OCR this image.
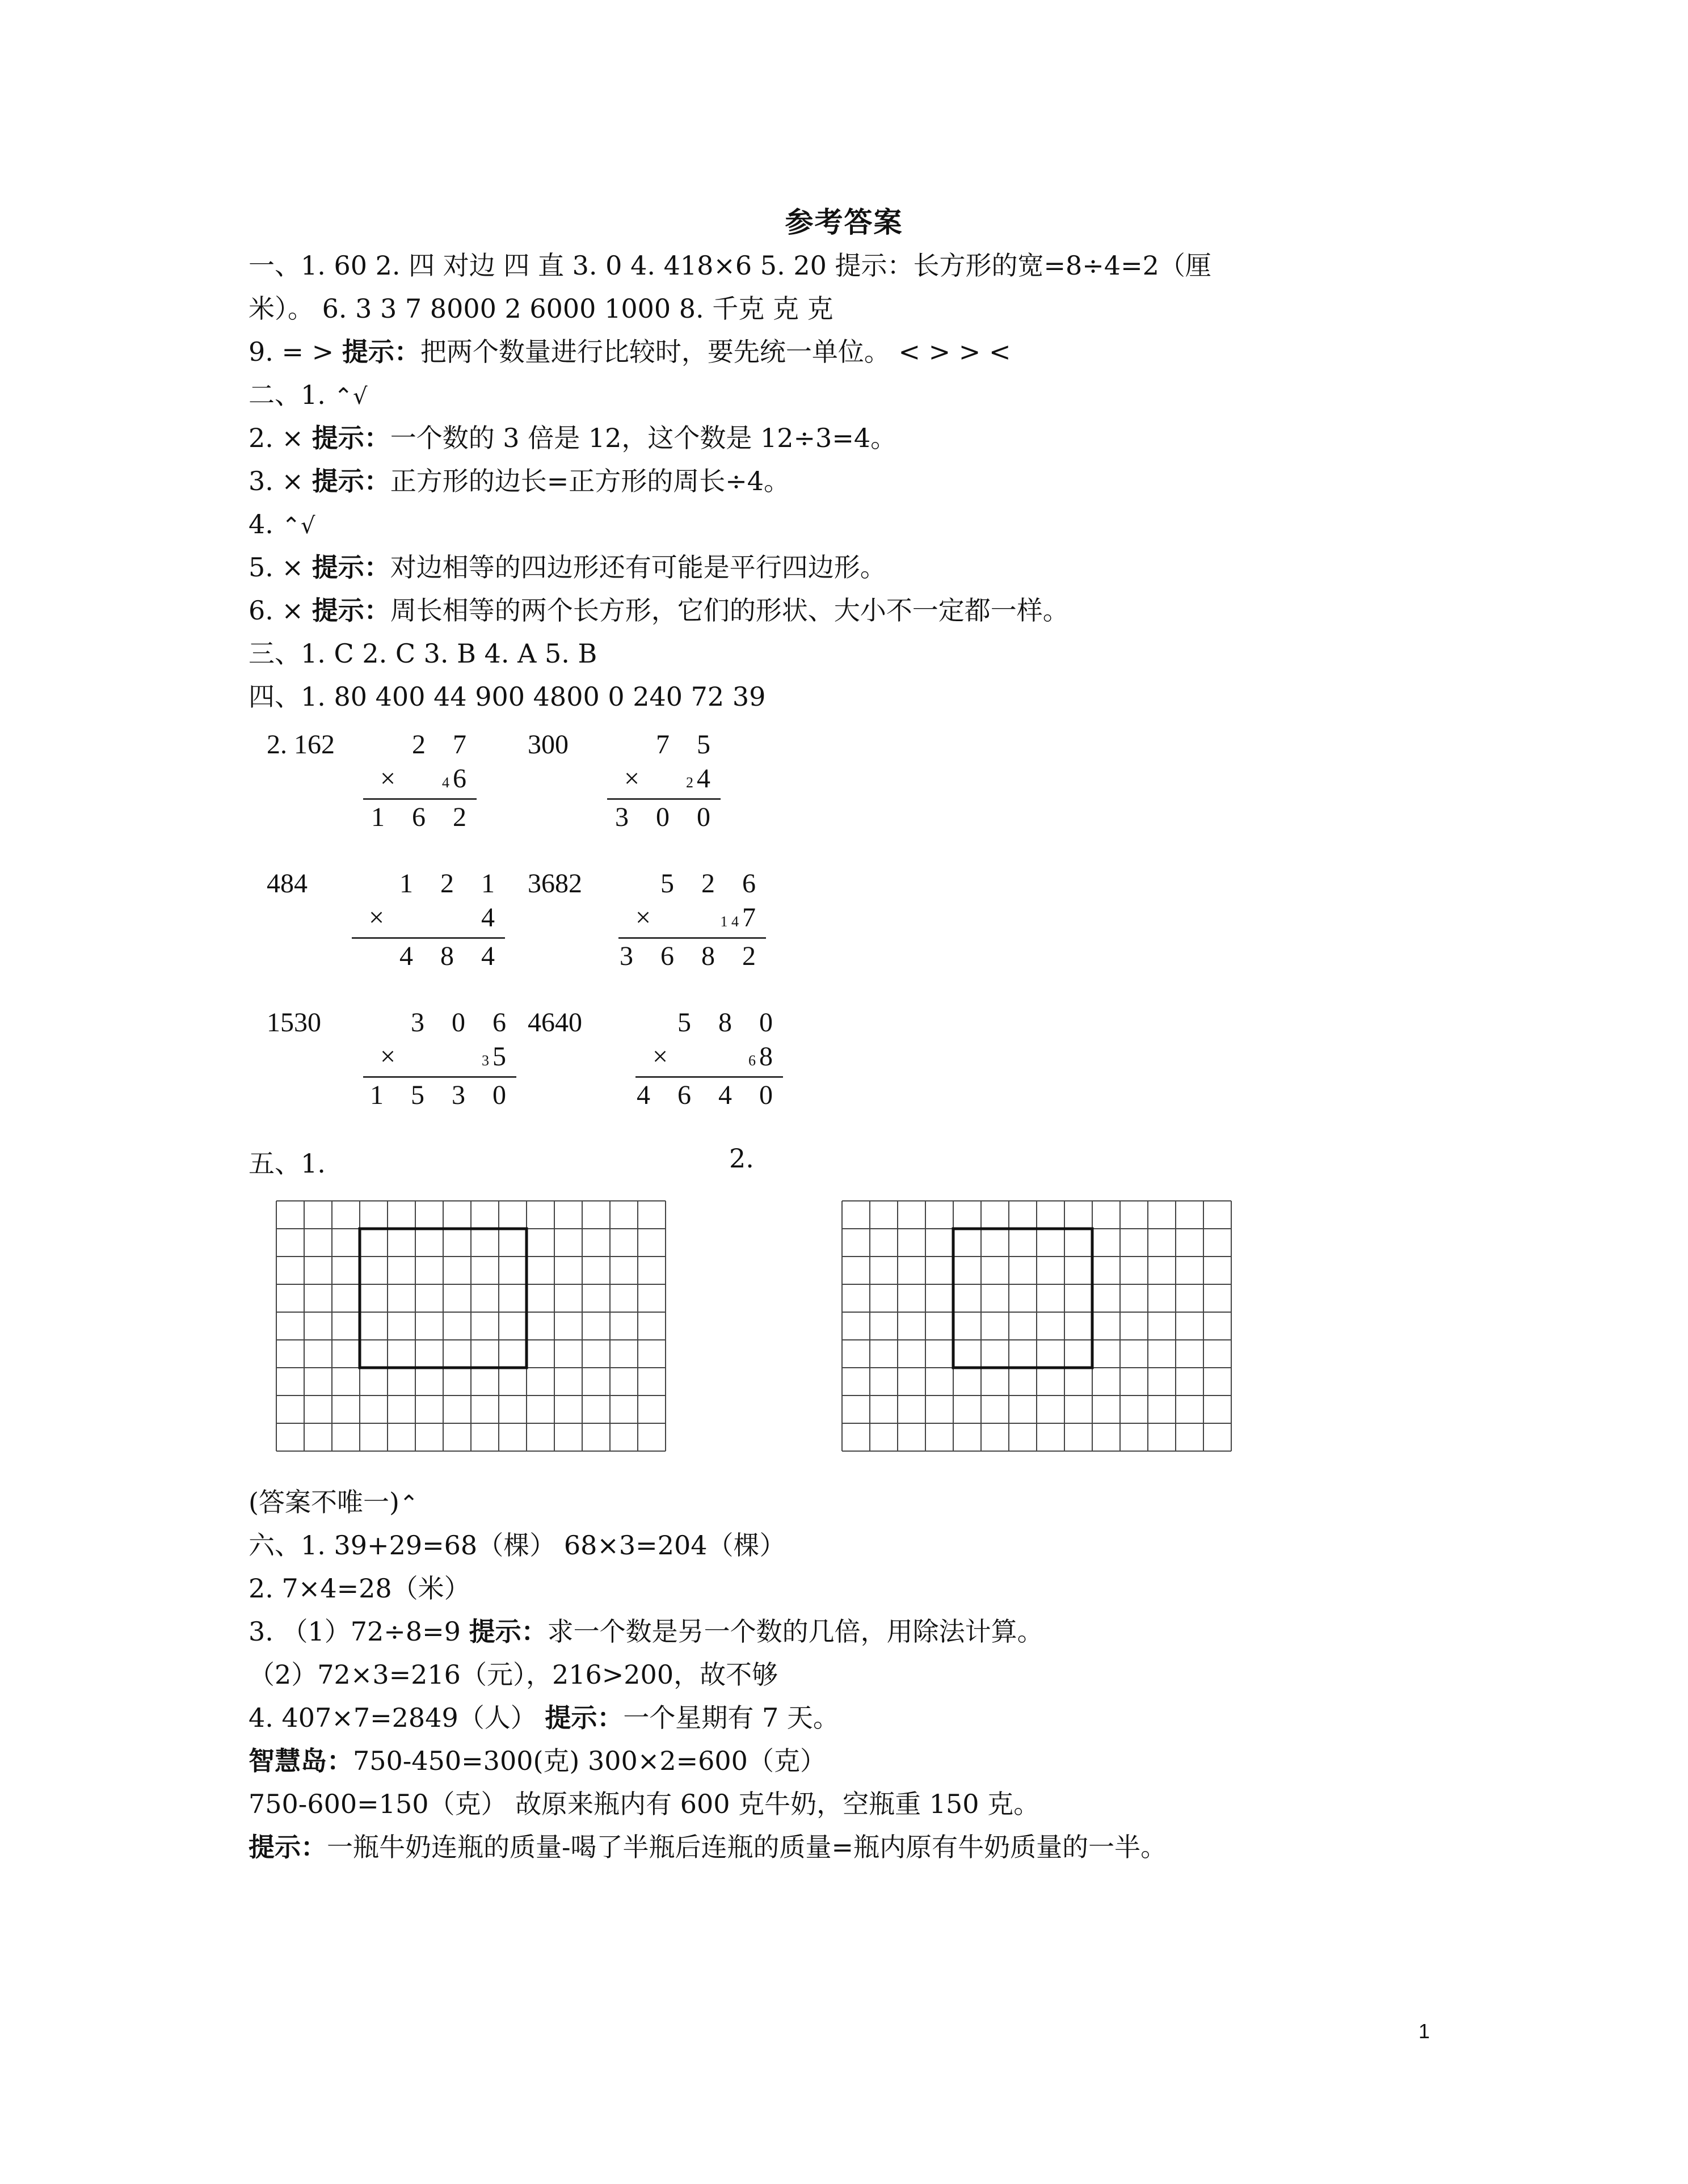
参考答案
一、1. 60 2. 四 对边 四 直 3. 0 4. 418×6 5. 20 提示：长方形的宽=8÷4=2（厘
米）。 6. 3 3 7 8000 2 6000 1000 8. 千克 克 克
9. = > 提示：把两个数量进行比较时，要先统一单位。 < > > <
二、1. ⌃√
2. × 提示：一个数的 3 倍是 12，这个数是 12÷3=4。
3. × 提示：正方形的边长=正方形的周长÷4。
4. ⌃√
5. × 提示：对边相等的四边形还有可能是平行四边形。
6. × 提示：周长相等的两个长方形，它们的形状、大小不一定都一样。
三、1. C 2. C 3. B 4. A 5. B
四、1. 80 400 44 900 4800 0 240 72 39
2. 162	2 7
×	4 6
1 6 2
300	7 5
×	2 4
3 0 0
484	1 2 1
×	4
4 8 4
3682	5 2 6
×	1 4 7
3 6 8 2
1530	3 0 6
×	3 5
1 5 3 0
4640	5 8 0
×	6 8
4 6 4 0
五、1.	2.
(答案不唯一)⌃
六、1. 39+29=68（棵） 68×3=204（棵）
2. 7×4=28（米）
3. （1）72÷8=9 提示：求一个数是另一个数的几倍，用除法计算。
（2）72×3=216（元），216>200，故不够
4. 407×7=2849（人） 提示：一个星期有 7 天。
智慧岛：750-450=300(克) 300×2=600（克）
750-600=150（克） 故原来瓶内有 600 克牛奶，空瓶重 150 克。
提示：一瓶牛奶连瓶的质量-喝了半瓶后连瓶的质量=瓶内原有牛奶质量的一半。
1
